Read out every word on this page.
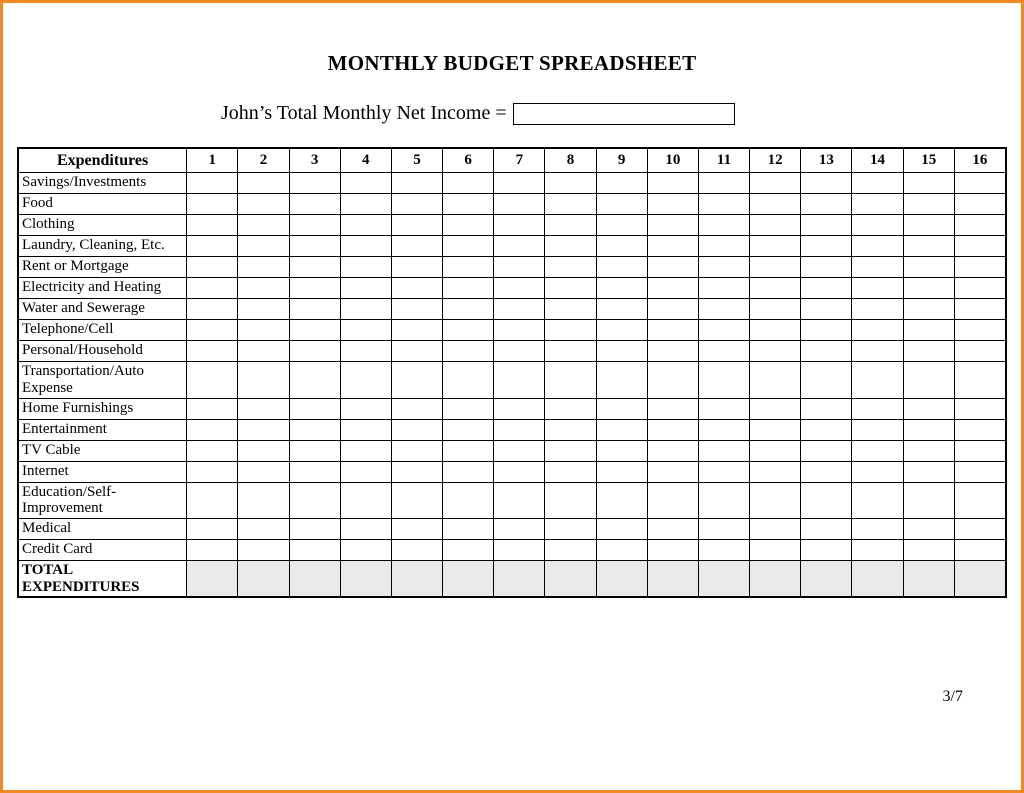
MONTHLY BUDGET SPREADSHEET
John’s Total Monthly Net Income =
Expenditures	1	2	3	4	5	6	7	8	9	10	11	12	13	14	15	16
Savings/Investments																
Food																
Clothing																
Laundry, Cleaning, Etc.																
Rent or Mortgage																
Electricity and Heating																
Water and Sewerage																
Telephone/Cell																
Personal/Household																
Transportation/Auto Expense																
Home Furnishings																
Entertainment																
TV Cable																
Internet																
Education/Self-Improvement																
Medical																
Credit Card																
TOTAL EXPENDITURES																
3/7
